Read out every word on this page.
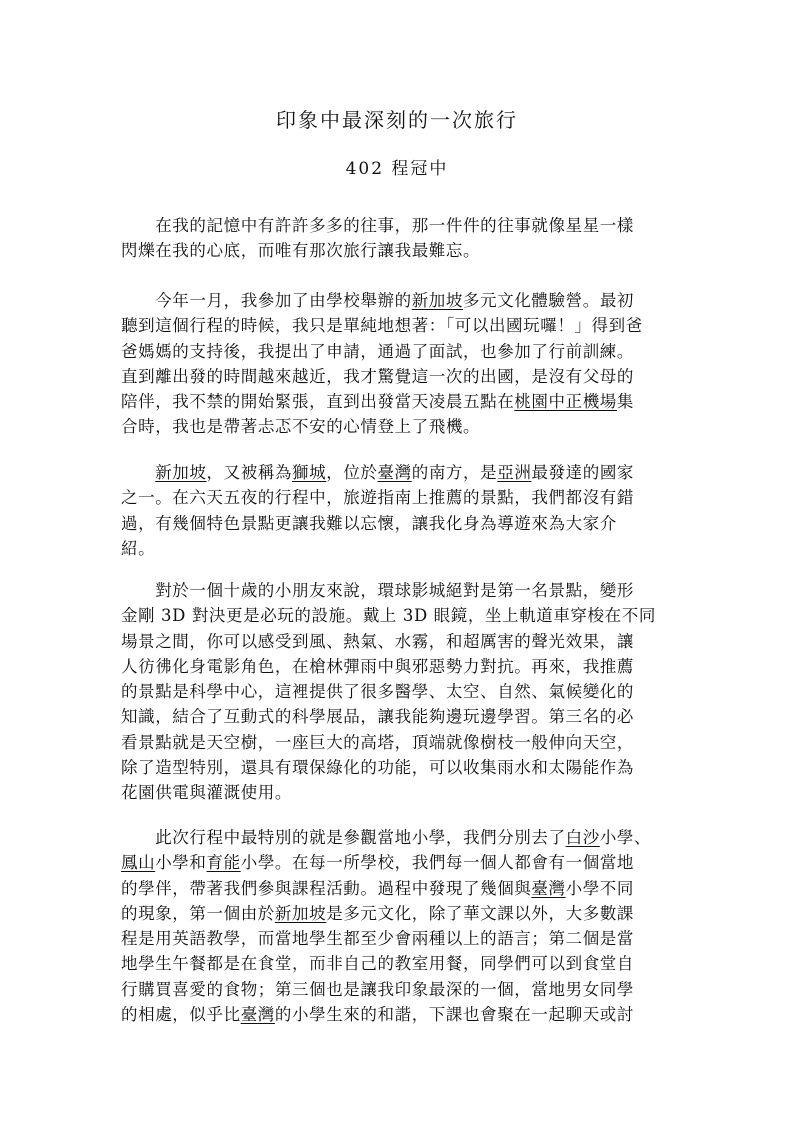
印象中最深刻的一次旅行
402 程冠中
　　在我的記憶中有許許多多的往事，那一件件的往事就像星星一樣
閃爍在我的心底，而唯有那次旅行讓我最難忘。
　　今年一月，我參加了由學校舉辦的新加坡多元文化體驗營。最初
聽到這個行程的時候，我只是單純地想著：「可以出國玩囉！」得到爸
爸媽媽的支持後，我提出了申請，通過了面試，也參加了行前訓練。
直到離出發的時間越來越近，我才驚覺這一次的出國，是沒有父母的
陪伴，我不禁的開始緊張，直到出發當天凌晨五點在桃園中正機場集
合時，我也是帶著忐忑不安的心情登上了飛機。
　　新加坡，又被稱為獅城，位於臺灣的南方，是亞洲最發達的國家
之一。在六天五夜的行程中，旅遊指南上推薦的景點，我們都沒有錯
過，有幾個特色景點更讓我難以忘懷，讓我化身為導遊來為大家介
紹。
　　對於一個十歲的小朋友來說，環球影城絕對是第一名景點，變形
金剛 3D 對決更是必玩的設施。戴上 3D 眼鏡，坐上軌道車穿梭在不同
場景之間，你可以感受到風、熱氣、水霧，和超厲害的聲光效果，讓
人彷彿化身電影角色，在槍林彈雨中與邪惡勢力對抗。再來，我推薦
的景點是科學中心，這裡提供了很多醫學、太空、自然、氣候變化的
知識，結合了互動式的科學展品，讓我能夠邊玩邊學習。第三名的必
看景點就是天空樹，一座巨大的高塔，頂端就像樹枝一般伸向天空，
除了造型特別，還具有環保綠化的功能，可以收集雨水和太陽能作為
花園供電與灌溉使用。
　　此次行程中最特別的就是參觀當地小學，我們分別去了白沙小學、
鳳山小學和育能小學。在每一所學校，我們每一個人都會有一個當地
的學伴，帶著我們參與課程活動。過程中發現了幾個與臺灣小學不同
的現象，第一個由於新加坡是多元文化，除了華文課以外，大多數課
程是用英語教學，而當地學生都至少會兩種以上的語言；第二個是當
地學生午餐都是在食堂，而非自己的教室用餐，同學們可以到食堂自
行購買喜愛的食物；第三個也是讓我印象最深的一個，當地男女同學
的相處，似乎比臺灣的小學生來的和諧，下課也會聚在一起聊天或討
